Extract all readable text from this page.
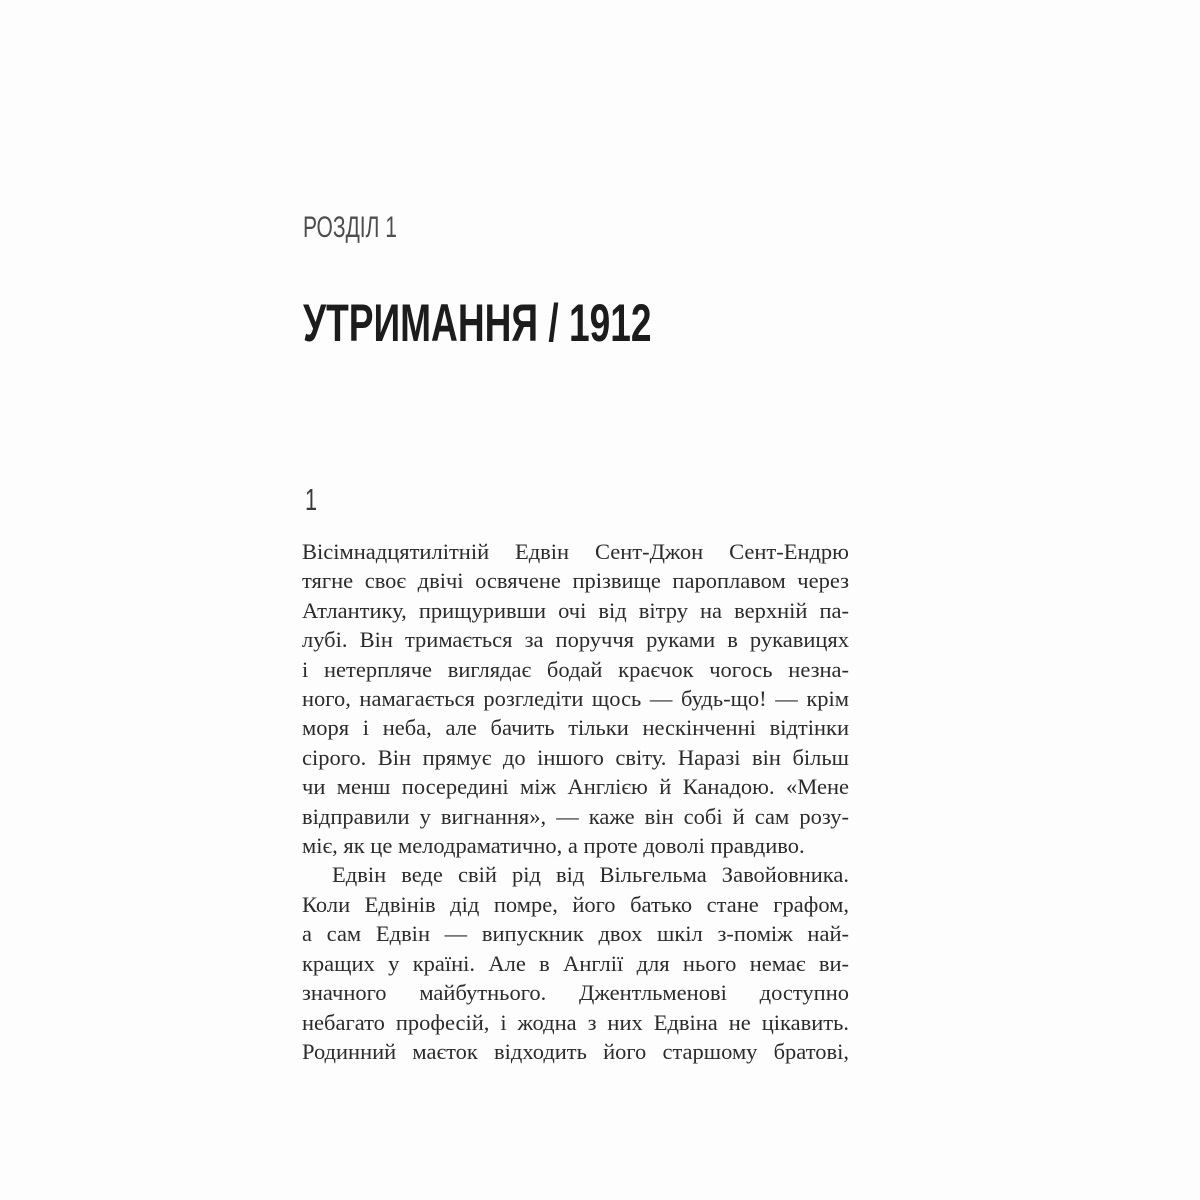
РОЗДІЛ 1
УТРИМАННЯ / 1912
1
Вісімнадцятилітній Едвін Сент-Джон Сент-Ендрю
тягне своє двічі освячене прізвище пароплавом через
Атлантику, прищуривши очі від вітру на верхній па-
лубі. Він тримається за поруччя руками в рукавицях
і нетерпляче виглядає бодай краєчок чогось незна-
ного, намагається розгледіти щось — будь-що! — крім
моря і неба, але бачить тільки нескінченні відтінки
сірого. Він прямує до іншого світу. Наразі він більш
чи менш посередині між Англією й Канадою. «Мене
відправили у вигнання», — каже він собі й сам розу-
міє, як це мелодраматично, а проте доволі правдиво.
Едвін веде свій рід від Вільгельма Завойовника.
Коли Едвінів дід помре, його батько стане графом,
а сам Едвін — випускник двох шкіл з-поміж най-
кращих у країні. Але в Англії для нього немає ви-
значного майбутнього. Джентльменові доступно
небагато професій, і жодна з них Едвіна не цікавить.
Родинний маєток відходить його старшому братові,
